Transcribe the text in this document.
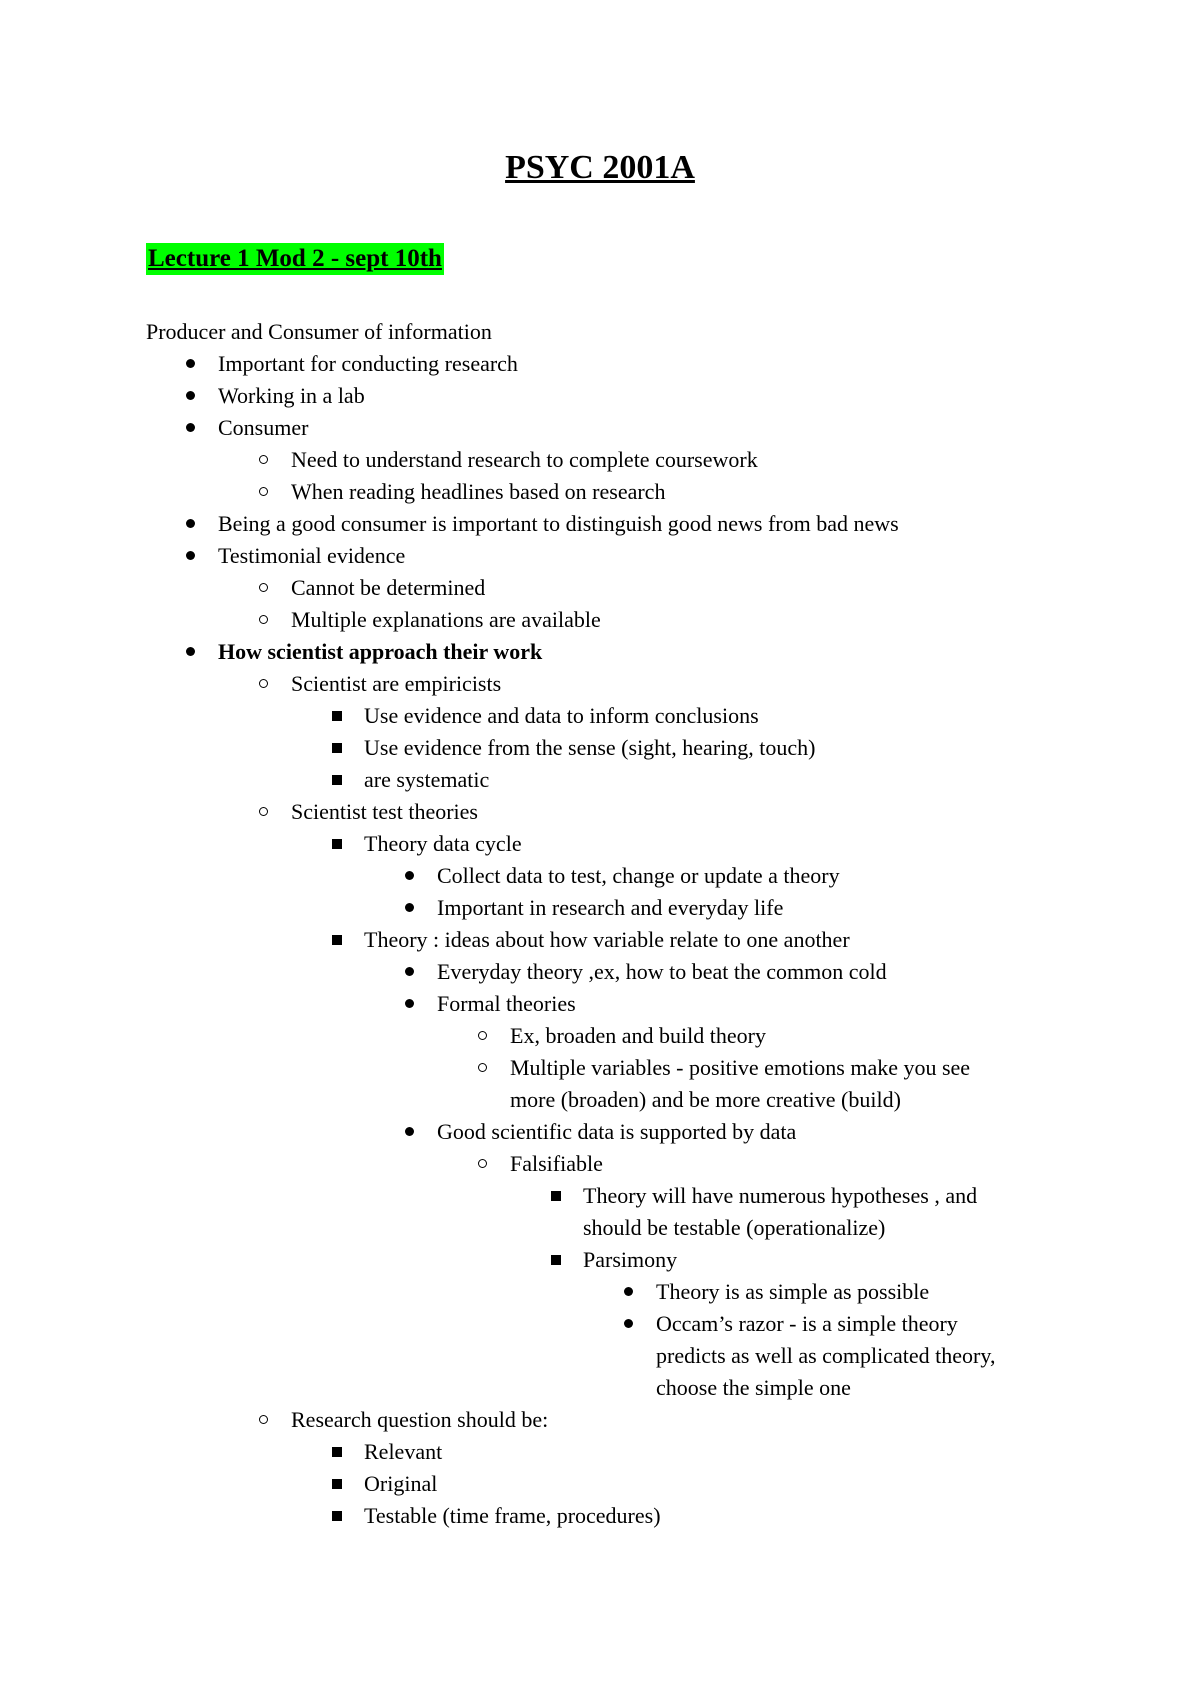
PSYC 2001A
Lecture 1 Mod 2 - sept 10th
Producer and Consumer of information
Important for conducting research
Working in a lab
Consumer
Need to understand research to complete coursework
When reading headlines based on research
Being a good consumer is important to distinguish good news from bad news
Testimonial evidence
Cannot be determined
Multiple explanations are available
How scientist approach their work
Scientist are empiricists
Use evidence and data to inform conclusions
Use evidence from the sense (sight, hearing, touch)
are systematic
Scientist test theories
Theory data cycle
Collect data to test, change or update a theory
Important in research and everyday life
Theory : ideas about how variable relate to one another
Everyday theory ,ex, how to beat the common cold
Formal theories
Ex, broaden and build theory
Multiple variables - positive emotions make you see
more (broaden) and be more creative (build)
Good scientific data is supported by data
Falsifiable
Theory will have numerous hypotheses , and
should be testable (operationalize)
Parsimony
Theory is as simple as possible
Occam’s razor - is a simple theory
predicts as well as complicated theory,
choose the simple one
Research question should be:
Relevant
Original
Testable (time frame, procedures)
